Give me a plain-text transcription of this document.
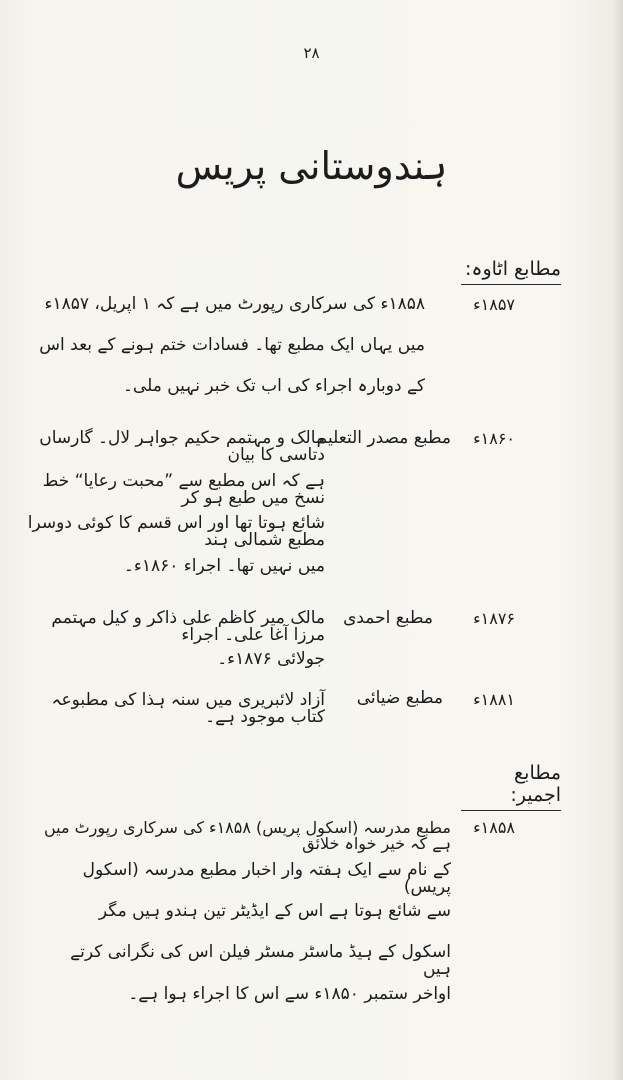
۲۸
ہندوستانی پریس
مطابع اٹاوہ:
۱۸۵۷ء
۱۸۵۸ء کی سرکاری رپورٹ میں ہے کہ ۱ اپریل، ۱۸۵۷ء
میں یہاں ایک مطبع تھا۔ فسادات ختم ہونے کے بعد اس
کے دوبارہ اجراء کی اب تک خبر نہیں ملی۔
۱۸۶۰ء
مطبع مصدر التعلیم
مالک و مہتمم حکیم جواہر لال۔ گارساں دتاسی کا بیان
ہے کہ اس مطبع سے ”محبت رعایا“ خط نسخ میں طبع ہو کر
شائع ہوتا تھا اور اس قسم کا کوئی دوسرا مطبع شمالی ہند
میں نہیں تھا۔ اجراء ۱۸۶۰ء۔
۱۸۷۶ء
مطبع احمدی
مالک میر کاظم علی ذاکر و کیل مہتمم مرزا آغا علی۔ اجراء
جولائی ۱۸۷۶ء۔
۱۸۸۱ء
مطبع ضیائی
آزاد لائبریری میں سنہ ہذا کی مطبوعہ کتاب موجود ہے۔
مطابع اجمیر:
۱۸۵۸ء
مطبع مدرسہ (اسکول پریس) ۱۸۵۸ء کی سرکاری رپورٹ میں ہے کہ خیر خواہ خلائق
کے نام سے ایک ہفتہ وار اخبار مطبع مدرسہ (اسکول پریس)
سے شائع ہوتا ہے اس کے ایڈیٹر تین ہندو ہیں مگر
اسکول کے ہیڈ ماسٹر مسٹر فیلن اس کی نگرانی کرتے ہیں
اواخر ستمبر ۱۸۵۰ء سے اس کا اجراء ہوا ہے۔
